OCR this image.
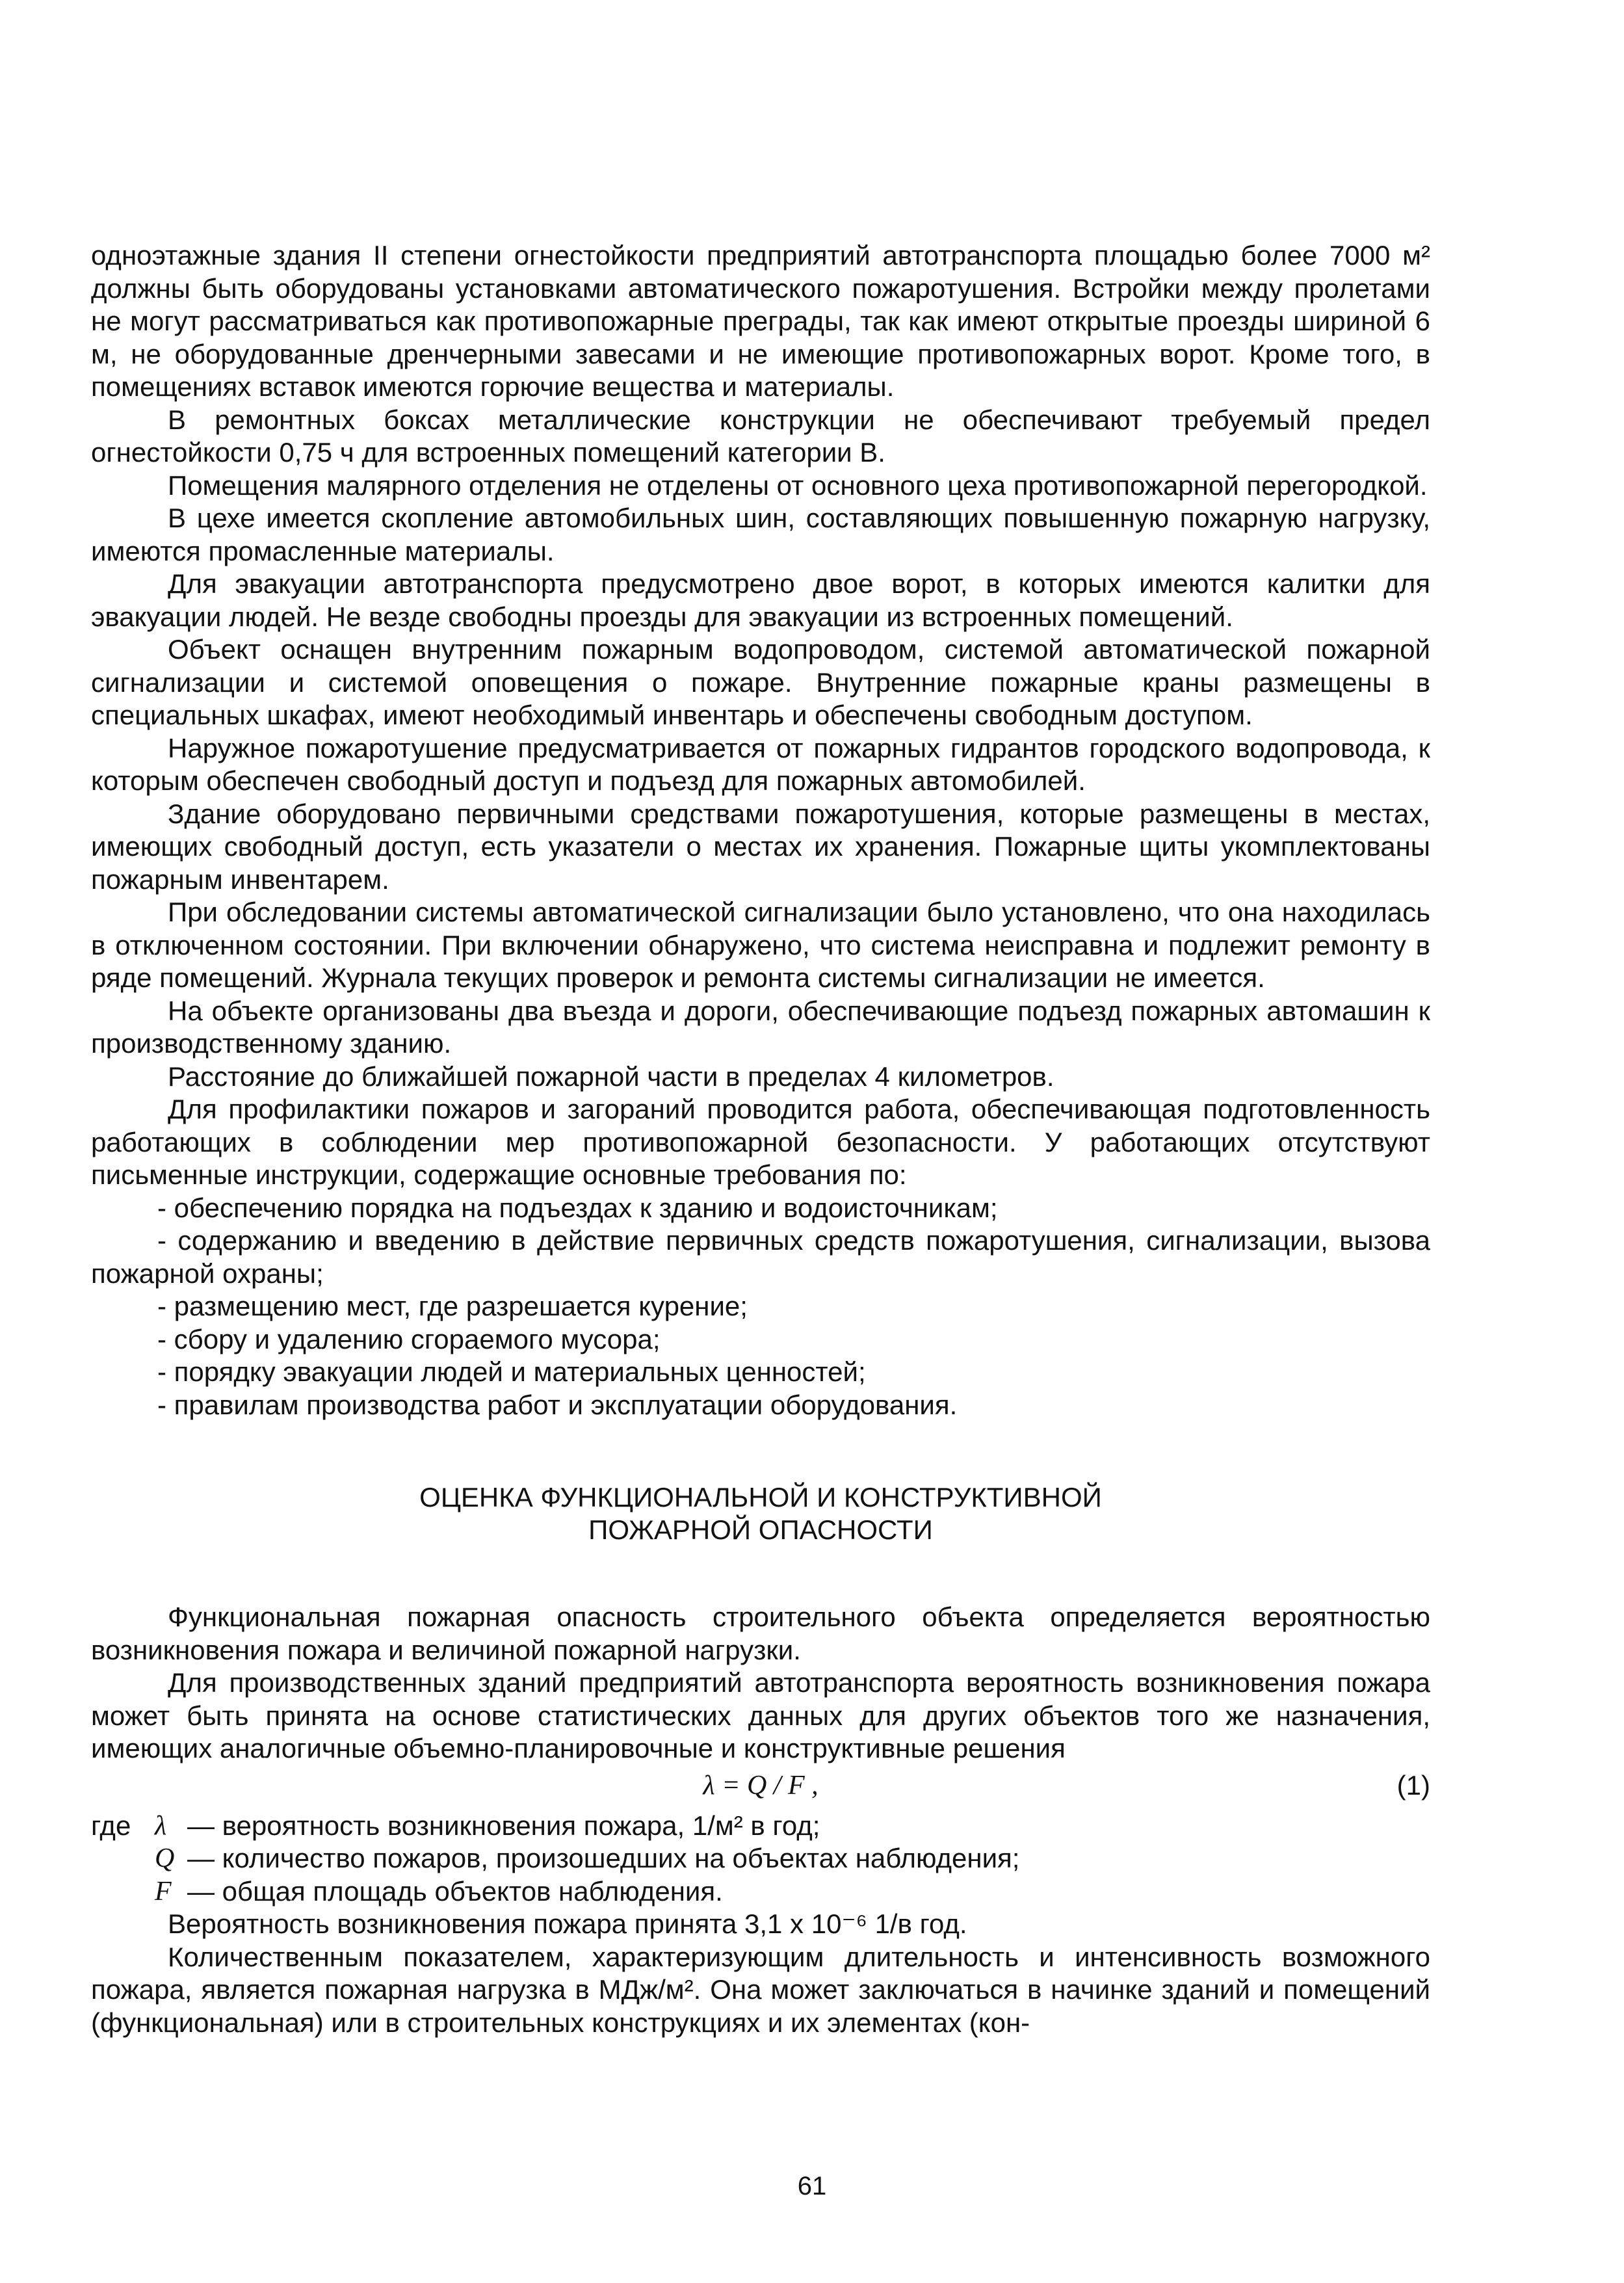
одноэтажные здания II степени огнестойкости предприятий автотранспорта площадью более 7000 м² должны быть оборудованы установками автоматического пожаротушения. Встройки между пролетами не могут рассматриваться как противопожарные преграды, так как имеют открытые проезды шириной 6 м, не оборудованные дренчерными завесами и не имеющие противопожарных ворот. Кроме того, в помещениях вставок имеются горючие вещества и материалы.

В ремонтных боксах металлические конструкции не обеспечивают требуемый предел огнестойкости 0,75 ч для встроенных помещений категории В.

Помещения малярного отделения не отделены от основного цеха противопожарной перегородкой.

В цехе имеется скопление автомобильных шин, составляющих повышенную пожарную нагрузку, имеются промасленные материалы.

Для эвакуации автотранспорта предусмотрено двое ворот, в которых имеются калитки для эвакуации людей. Не везде свободны проезды для эвакуации из встроенных помещений.

Объект оснащен внутренним пожарным водопроводом, системой автоматической пожарной сигнализации и системой оповещения о пожаре. Внутренние пожарные краны размещены в специальных шкафах, имеют необходимый инвентарь и обеспечены свободным доступом.

Наружное пожаротушение предусматривается от пожарных гидрантов городского водопровода, к которым обеспечен свободный доступ и подъезд для пожарных автомобилей.

Здание оборудовано первичными средствами пожаротушения, которые размещены в местах, имеющих свободный доступ, есть указатели о местах их хранения. Пожарные щиты укомплектованы пожарным инвентарем.

При обследовании системы автоматической сигнализации было установлено, что она находилась в отключенном состоянии. При включении обнаружено, что система неисправна и подлежит ремонту в ряде помещений. Журнала текущих проверок и ремонта системы сигнализации не имеется.

На объекте организованы два въезда и дороги, обеспечивающие подъезд пожарных автомашин к производственному зданию.

Расстояние до ближайшей пожарной части в пределах 4 километров.

Для профилактики пожаров и загораний проводится работа, обеспечивающая подготовленность работающих в соблюдении мер противопожарной безопасности. У работающих отсутствуют письменные инструкции, содержащие основные требования по:

- обеспечению порядка на подъездах к зданию и водоисточникам;
- содержанию и введению в действие первичных средств пожаротушения, сигнализации, вызова пожарной охраны;
- размещению мест, где разрешается курение;
- сбору и удалению сгораемого мусора;
- порядку эвакуации людей и материальных ценностей;
- правилам производства работ и эксплуатации оборудования.
ОЦЕНКА ФУНКЦИОНАЛЬНОЙ И КОНСТРУКТИВНОЙ
ПОЖАРНОЙ ОПАСНОСТИ

Функциональная пожарная опасность строительного объекта определяется вероятностью возникновения пожара и величиной пожарной нагрузки.

Для производственных зданий предприятий автотранспорта вероятность возникновения пожара может быть принята на основе статистических данных для других объектов того же назначения, имеющих аналогичные объемно-планировочные и конструктивные решения

λ = Q / F ,	(1)
где λ — вероятность возникновения пожара, 1/м² в год;
Q — количество пожаров, произошедших на объектах наблюдения;
F — общая площадь объектов наблюдения.

Вероятность возникновения пожара принята 3,1 х 10⁻⁶ 1/в год.

Количественным показателем, характеризующим длительность и интенсивность возможного пожара, является пожарная нагрузка в МДж/м². Она может заключаться в начинке зданий и помещений (функциональная) или в строительных конструкциях и их элементах (кон-

61
